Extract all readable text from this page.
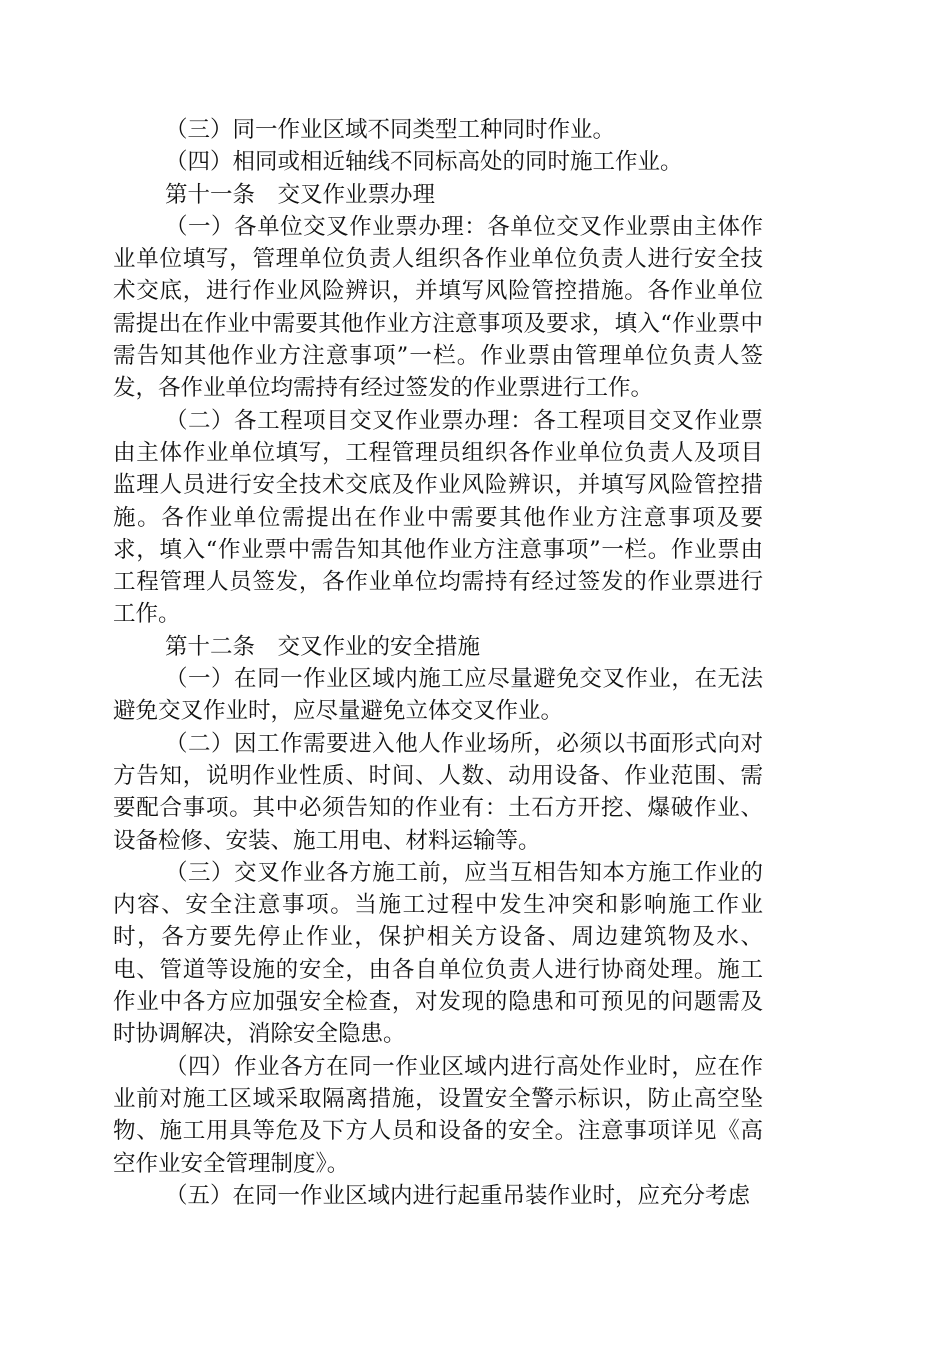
（三）同一作业区域不同类型工种同时作业。

（四）相同或相近轴线不同标高处的同时施工作业。

第十一条　交叉作业票办理

（一）各单位交叉作业票办理：各单位交叉作业票由主体作业单位填写，管理单位负责人组织各作业单位负责人进行安全技术交底，进行作业风险辨识，并填写风险管控措施。各作业单位需提出在作业中需要其他作业方注意事项及要求，填入“作业票中需告知其他作业方注意事项”一栏。作业票由管理单位负责人签发，各作业单位均需持有经过签发的作业票进行工作。

（二）各工程项目交叉作业票办理：各工程项目交叉作业票由主体作业单位填写，工程管理员组织各作业单位负责人及项目监理人员进行安全技术交底及作业风险辨识，并填写风险管控措施。各作业单位需提出在作业中需要其他作业方注意事项及要求，填入“作业票中需告知其他作业方注意事项”一栏。作业票由工程管理人员签发，各作业单位均需持有经过签发的作业票进行工作。

第十二条　交叉作业的安全措施

（一）在同一作业区域内施工应尽量避免交叉作业，在无法避免交叉作业时，应尽量避免立体交叉作业。

（二）因工作需要进入他人作业场所，必须以书面形式向对方告知，说明作业性质、时间、人数、动用设备、作业范围、需要配合事项。其中必须告知的作业有：土石方开挖、爆破作业、设备检修、安装、施工用电、材料运输等。

（三）交叉作业各方施工前，应当互相告知本方施工作业的内容、安全注意事项。当施工过程中发生冲突和影响施工作业时，各方要先停止作业，保护相关方设备、周边建筑物及水、电、管道等设施的安全，由各自单位负责人进行协商处理。施工作业中各方应加强安全检查，对发现的隐患和可预见的问题需及时协调解决，消除安全隐患。

（四）作业各方在同一作业区域内进行高处作业时，应在作业前对施工区域采取隔离措施，设置安全警示标识，防止高空坠物、施工用具等危及下方人员和设备的安全。注意事项详见《高空作业安全管理制度》。

（五）在同一作业区域内进行起重吊装作业时，应充分考虑
